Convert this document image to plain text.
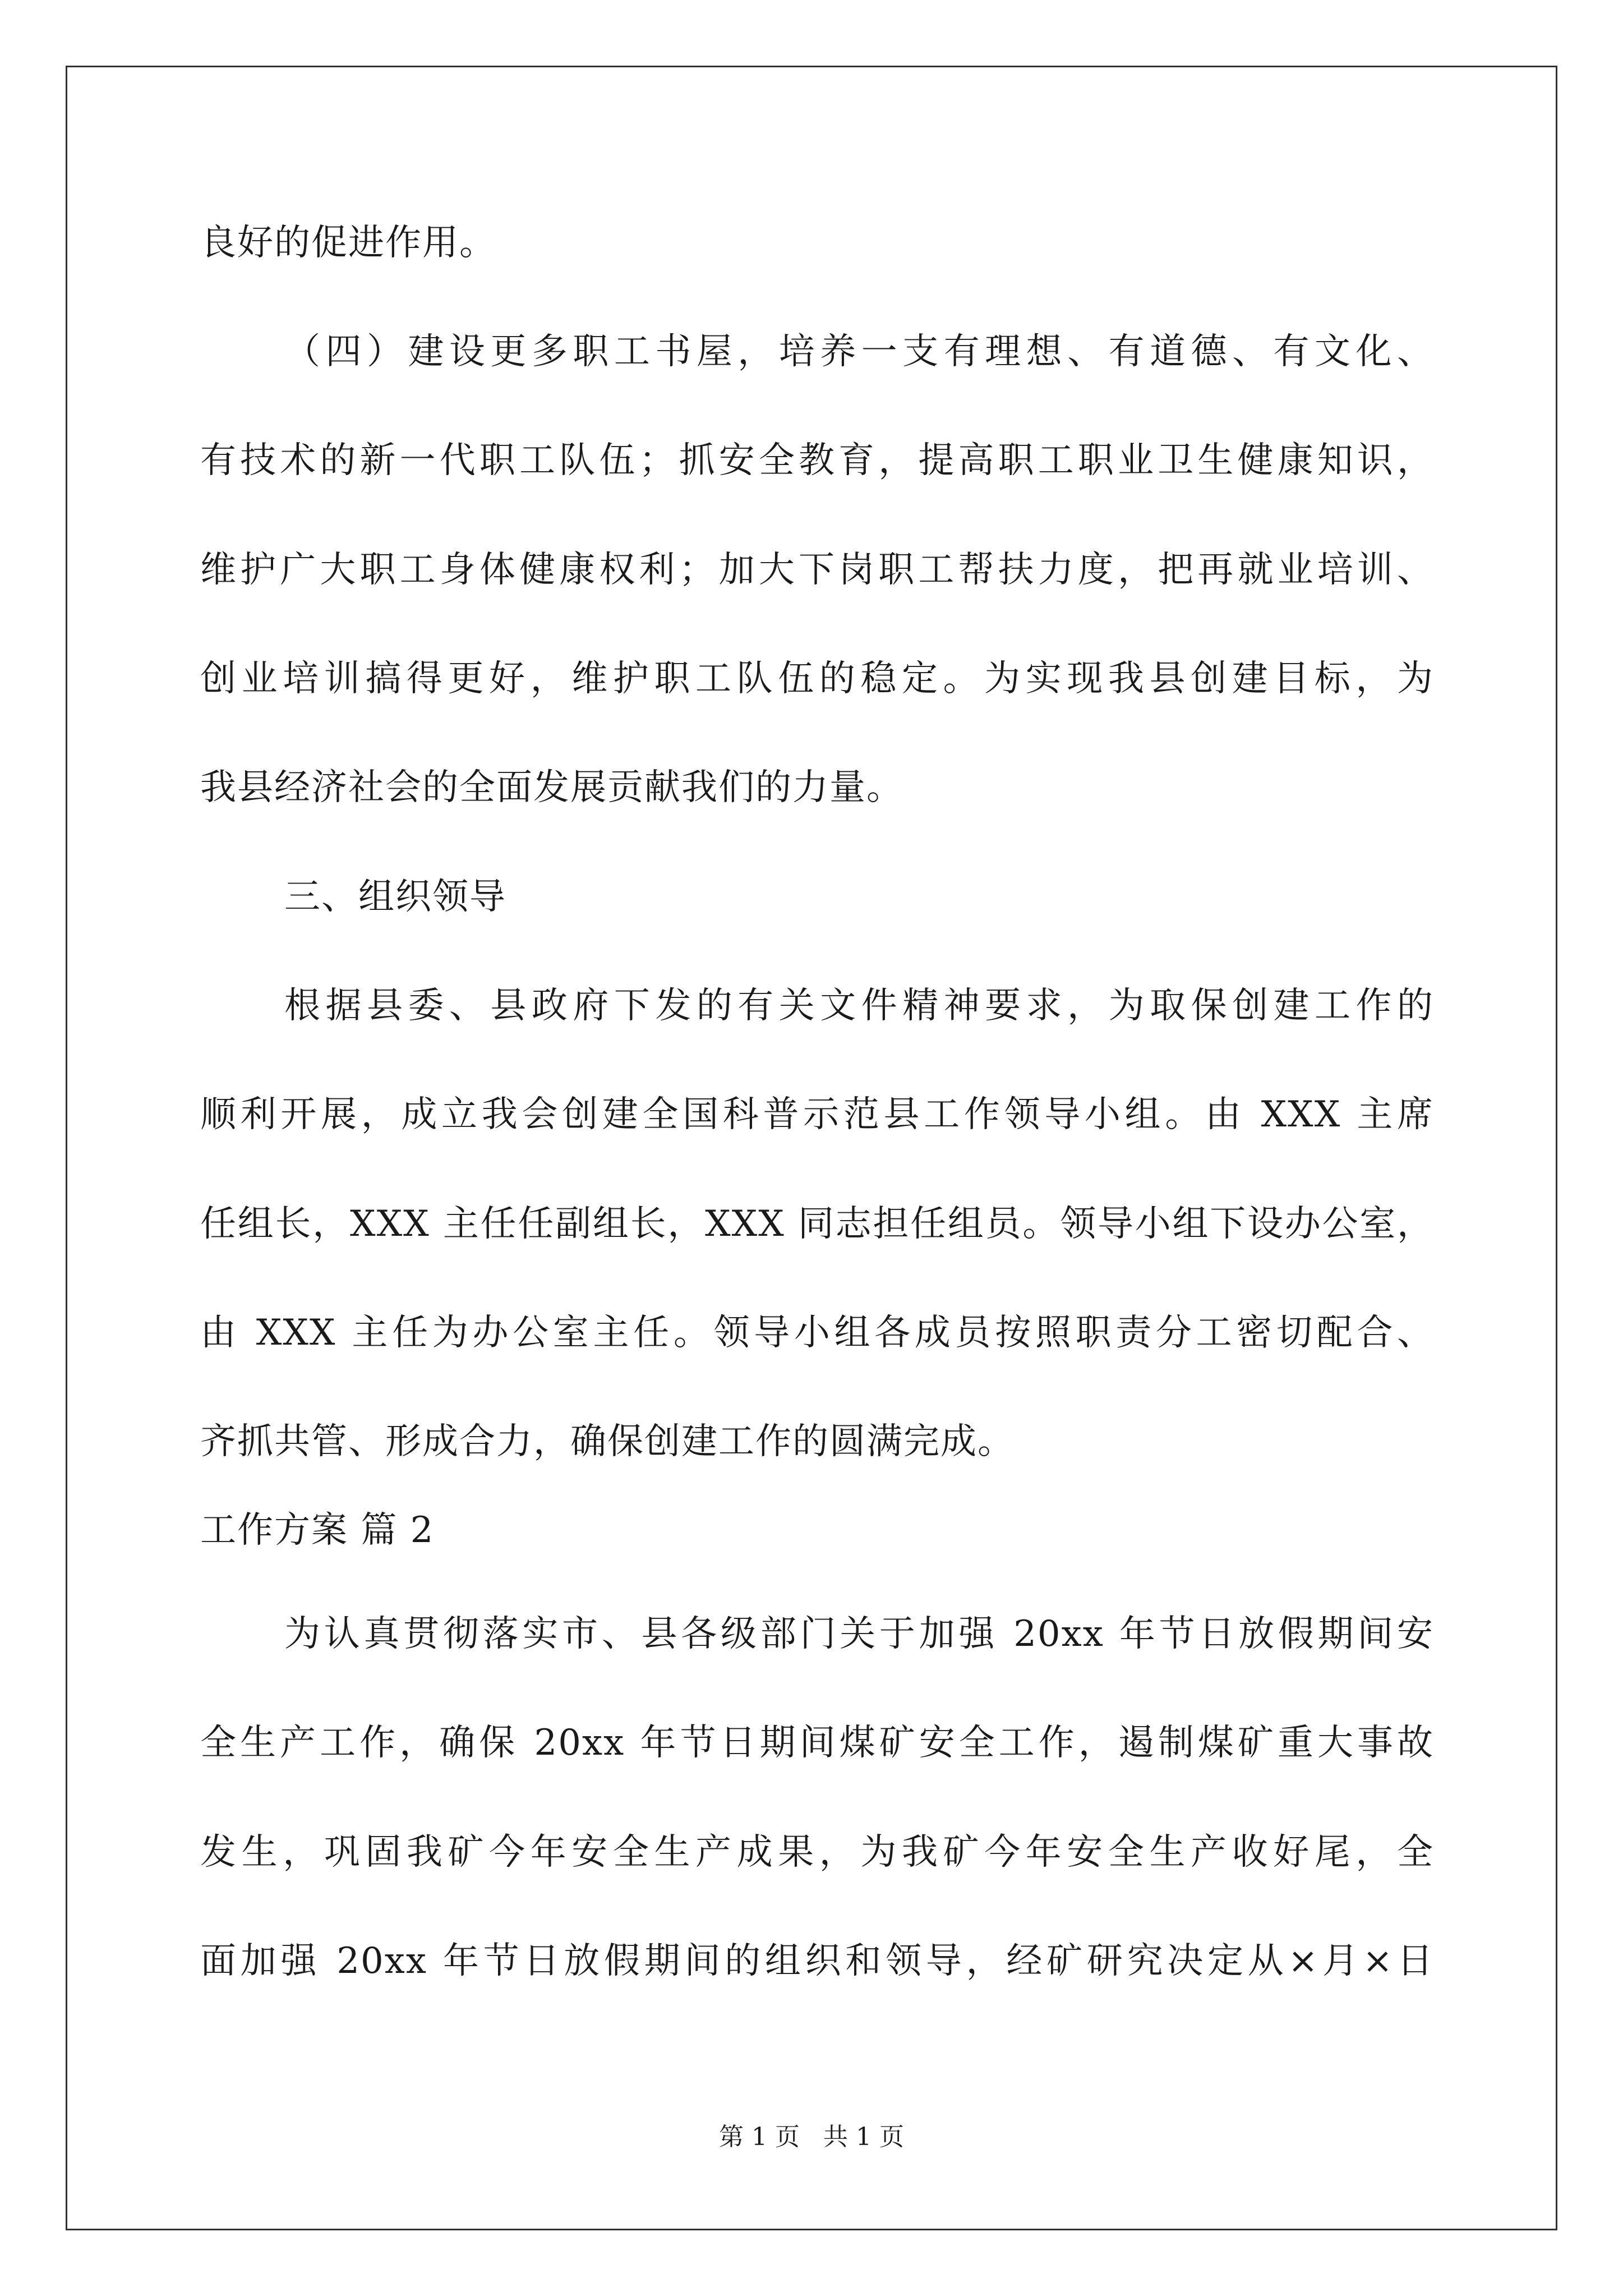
良好的促进作用。
（四）建设更多职工书屋，培养一支有理想、有道德、有文化、
有技术的新一代职工队伍；抓安全教育，提高职工职业卫生健康知识，
维护广大职工身体健康权利；加大下岗职工帮扶力度，把再就业培训、
创业培训搞得更好，维护职工队伍的稳定。为实现我县创建目标，为
我县经济社会的全面发展贡献我们的力量。
三、组织领导
根据县委、县政府下发的有关文件精神要求，为取保创建工作的
顺利开展，成立我会创建全国科普示范县工作领导小组。由 XXX 主席
任组长，XXX 主任任副组长，XXX 同志担任组员。领导小组下设办公室，
由 XXX 主任为办公室主任。领导小组各成员按照职责分工密切配合、
齐抓共管、形成合力，确保创建工作的圆满完成。
工作方案 篇 2
为认真贯彻落实市、县各级部门关于加强 20xx 年节日放假期间安
全生产工作，确保 20xx 年节日期间煤矿安全工作，遏制煤矿重大事故
发生，巩固我矿今年安全生产成果，为我矿今年安全生产收好尾，全
面加强 20xx 年节日放假期间的组织和领导，经矿研究决定从×月×日
第 1 页   共 1 页
